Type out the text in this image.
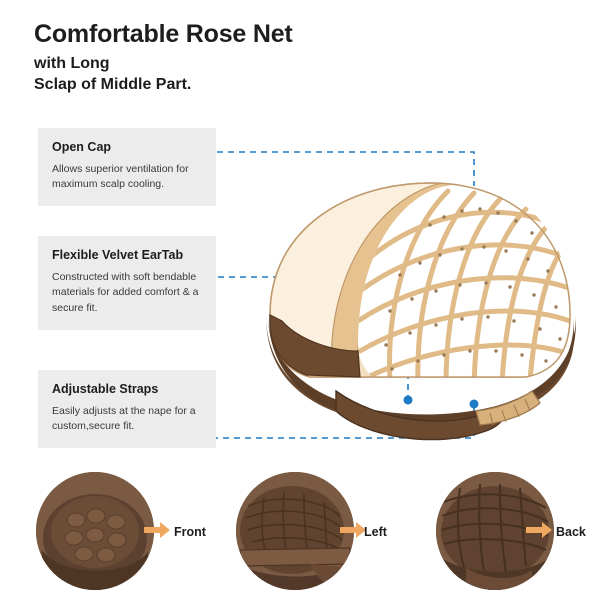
Comfortable Rose Net
with Long
Sclap of Middle Part.

Open Cap

Allows superior ventilation for maximum scalp cooling.

Flexible Velvet EarTab

Constructed with soft bendable materials for added comfort & a secure fit.

Adjustable Straps

Easily adjusts at the nape for a custom,secure fit.

Front	Left	Back
